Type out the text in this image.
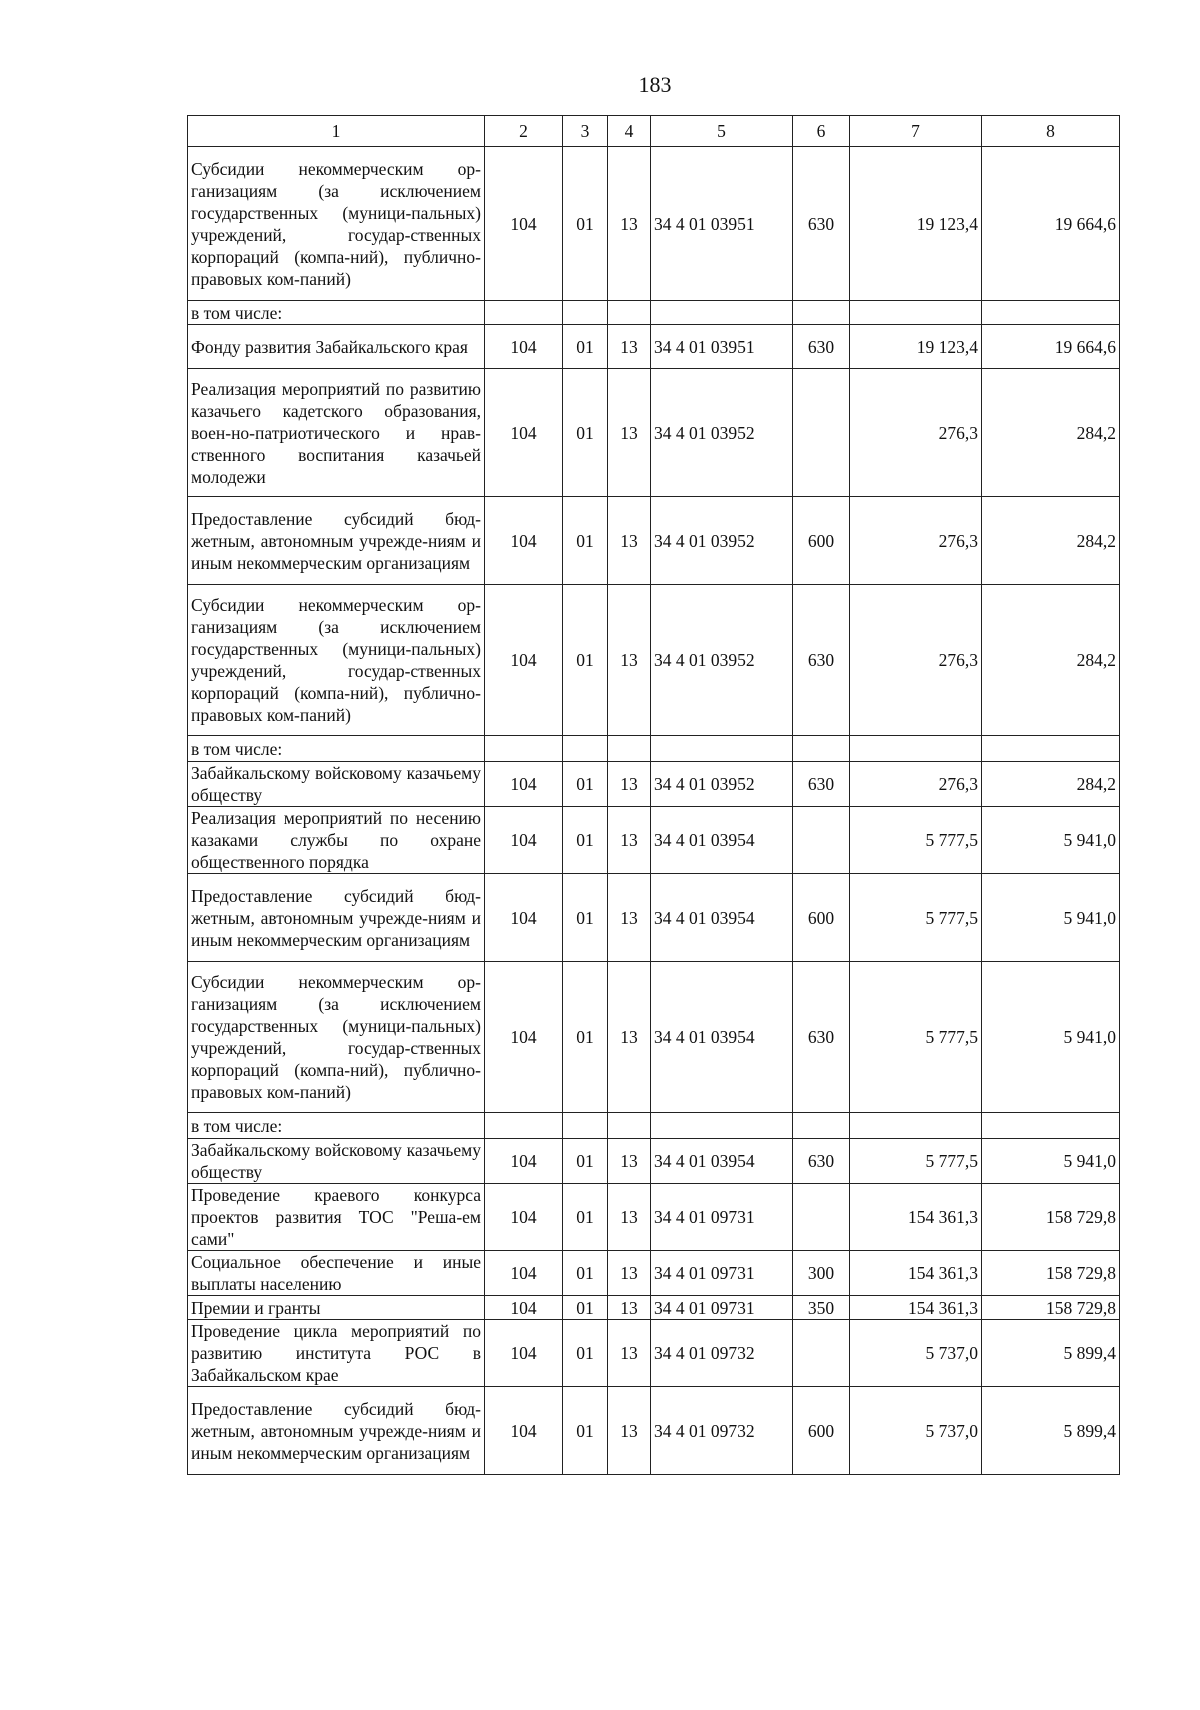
183
1	2	3	4	5	6	7	8
Субсидии некоммерческим ор-ганизациям (за исключением государственных (муници-пальных) учреждений, государ-ственных корпораций (компа-ний), публично-правовых ком-паний)	104	01	13	34 4 01 03951	630	19 123,4	19 664,6
в том числе:							
Фонду развития Забайкальского края	104	01	13	34 4 01 03951	630	19 123,4	19 664,6
Реализация мероприятий по развитию казачьего кадетского образования, воен-но-патриотического и нрав-ственного воспитания казачьей молодежи	104	01	13	34 4 01 03952		276,3	284,2
Предоставление субсидий бюд-жетным, автономным учрежде-ниям и иным некоммерческим организациям	104	01	13	34 4 01 03952	600	276,3	284,2
Субсидии некоммерческим ор-ганизациям (за исключением государственных (муници-пальных) учреждений, государ-ственных корпораций (компа-ний), публично-правовых ком-паний)	104	01	13	34 4 01 03952	630	276,3	284,2
в том числе:							
Забайкальскому войсковому казачьему обществу	104	01	13	34 4 01 03952	630	276,3	284,2
Реализация мероприятий по несению казаками службы по охране общественного порядка	104	01	13	34 4 01 03954		5 777,5	5 941,0
Предоставление субсидий бюд-жетным, автономным учрежде-ниям и иным некоммерческим организациям	104	01	13	34 4 01 03954	600	5 777,5	5 941,0
Субсидии некоммерческим ор-ганизациям (за исключением государственных (муници-пальных) учреждений, государ-ственных корпораций (компа-ний), публично-правовых ком-паний)	104	01	13	34 4 01 03954	630	5 777,5	5 941,0
в том числе:							
Забайкальскому войсковому казачьему обществу	104	01	13	34 4 01 03954	630	5 777,5	5 941,0
Проведение краевого конкурса проектов развития ТОС "Реша-ем сами"	104	01	13	34 4 01 09731		154 361,3	158 729,8
Социальное обеспечение и иные выплаты населению	104	01	13	34 4 01 09731	300	154 361,3	158 729,8
Премии и гранты	104	01	13	34 4 01 09731	350	154 361,3	158 729,8
Проведение цикла мероприятий по развитию института РОС в Забайкальском крае	104	01	13	34 4 01 09732		5 737,0	5 899,4
Предоставление субсидий бюд-жетным, автономным учрежде-ниям и иным некоммерческим организациям	104	01	13	34 4 01 09732	600	5 737,0	5 899,4
